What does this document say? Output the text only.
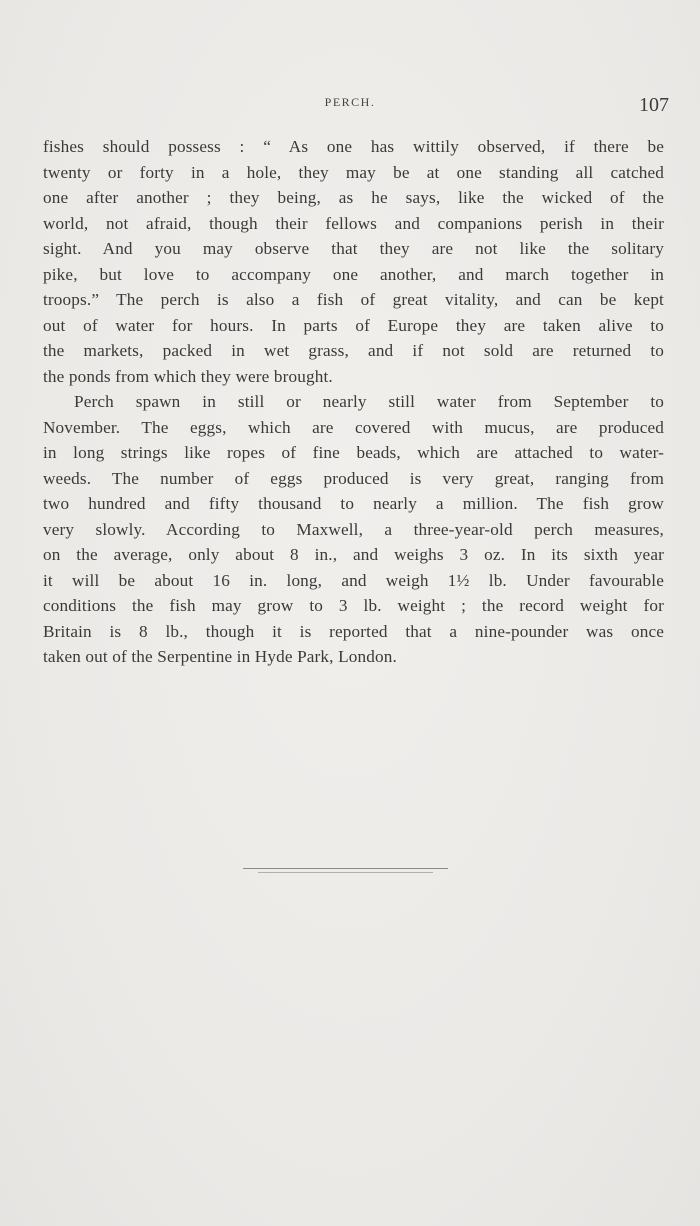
PERCH.	107
fishes should possess : “ As one has wittily observed, if there be
twenty or forty in a hole, they may be at one standing all catched
one after another ; they being, as he says, like the wicked of the
world, not afraid, though their fellows and companions perish in their
sight. And you may observe that they are not like the solitary
pike, but love to accompany one another, and march together in
troops.” The perch is also a fish of great vitality, and can be kept
out of water for hours. In parts of Europe they are taken alive to
the markets, packed in wet grass, and if not sold are returned to
the ponds from which they were brought.
Perch spawn in still or nearly still water from September to
November. The eggs, which are covered with mucus, are produced
in long strings like ropes of fine beads, which are attached to water-
weeds. The number of eggs produced is very great, ranging from
two hundred and fifty thousand to nearly a million. The fish grow
very slowly. According to Maxwell, a three-year-old perch measures,
on the average, only about 8 in., and weighs 3 oz. In its sixth year
it will be about 16 in. long, and weigh 1½ lb. Under favourable
conditions the fish may grow to 3 lb. weight ; the record weight for
Britain is 8 lb., though it is reported that a nine-pounder was once
taken out of the Serpentine in Hyde Park, London.
